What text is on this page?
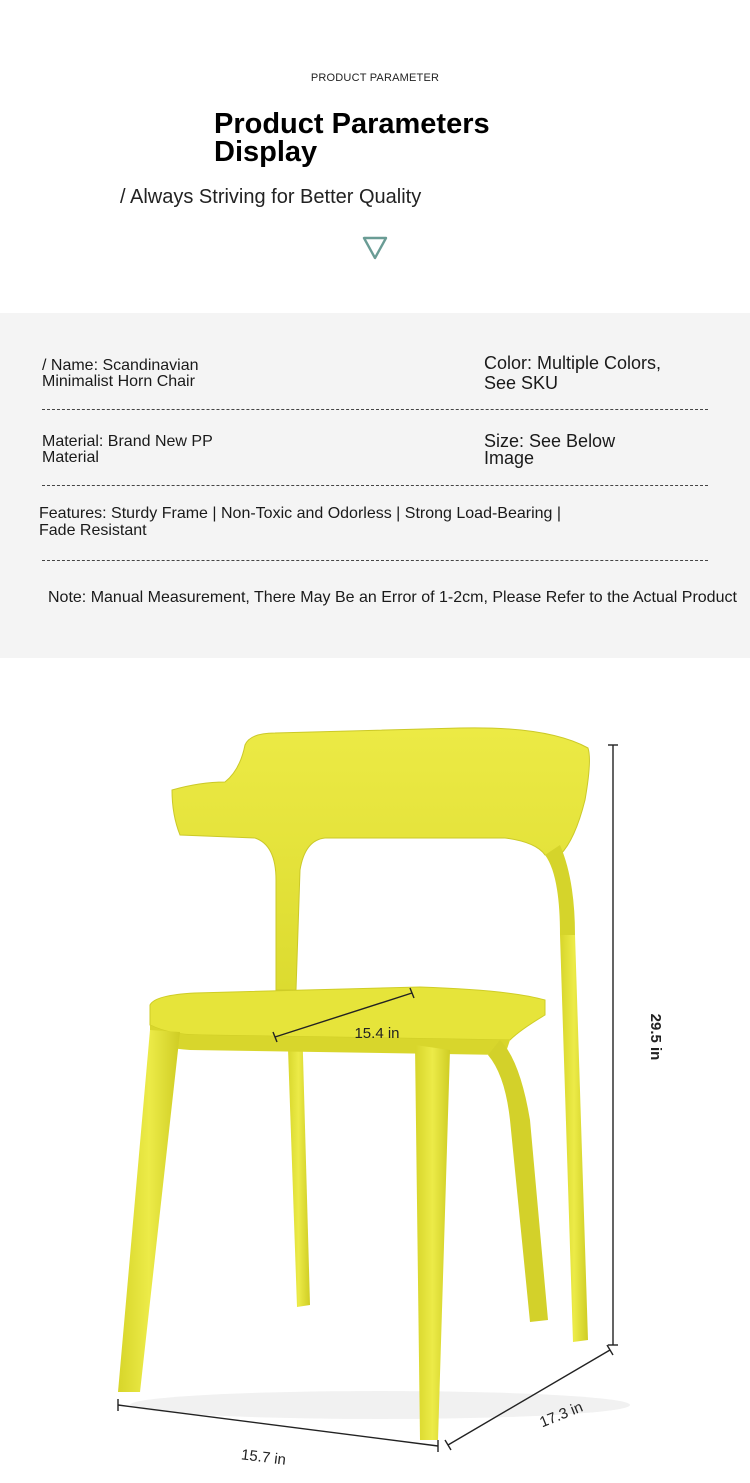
PRODUCT PARAMETER
Product Parameters
Display
/ Always Striving for Better Quality
/ Name: Scandinavian
Minimalist Horn Chair
Color: Multiple Colors,
See SKU
Material: Brand New PP
Material
Size: See Below
Image
Features: Sturdy Frame | Non-Toxic and Odorless | Strong Load-Bearing |
Fade Resistant
Note: Manual Measurement, There May Be an Error of 1-2cm, Please Refer to the Actual Product
15.4 in	29.5 in
17.3 in
15.7 in
